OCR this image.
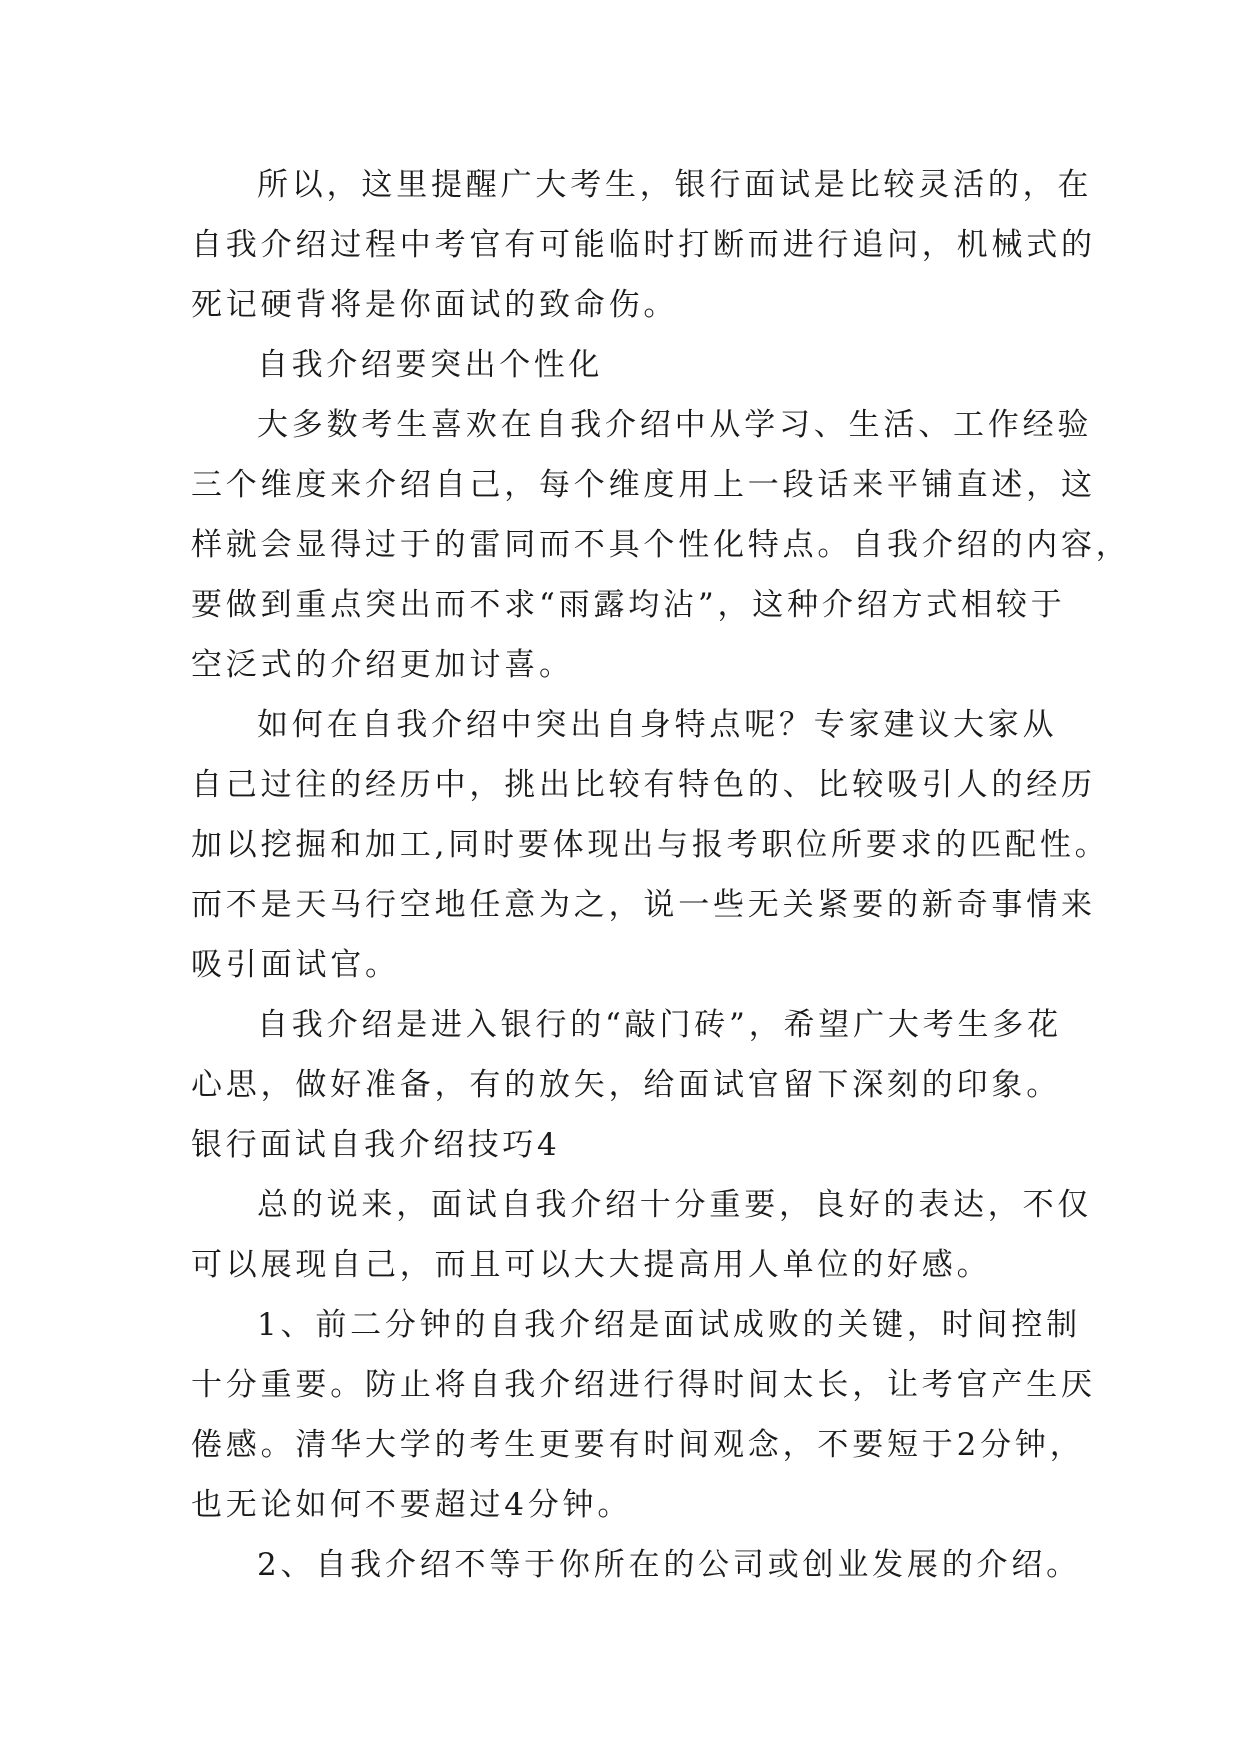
所以，这里提醒广大考生，银行面试是比较灵活的，在
自我介绍过程中考官有可能临时打断而进行追问，机械式的
死记硬背将是你面试的致命伤。
自我介绍要突出个性化
大多数考生喜欢在自我介绍中从学习、生活、工作经验
三个维度来介绍自己，每个维度用上一段话来平铺直述，这
样就会显得过于的雷同而不具个性化特点。自我介绍的内容，
要做到重点突出而不求“雨露均沾”，这种介绍方式相较于
空泛式的介绍更加讨喜。
如何在自我介绍中突出自身特点呢？专家建议大家从
自己过往的经历中，挑出比较有特色的、比较吸引人的经历
加以挖掘和加工,同时要体现出与报考职位所要求的匹配性。
而不是天马行空地任意为之，说一些无关紧要的新奇事情来
吸引面试官。
自我介绍是进入银行的“敲门砖”，希望广大考生多花
心思，做好准备，有的放矢，给面试官留下深刻的印象。
银行面试自我介绍技巧4
总的说来，面试自我介绍十分重要，良好的表达，不仅
可以展现自己，而且可以大大提高用人单位的好感。
1、前二分钟的自我介绍是面试成败的关键，时间控制
十分重要。防止将自我介绍进行得时间太长，让考官产生厌
倦感。清华大学的考生更要有时间观念，不要短于2分钟，
也无论如何不要超过4分钟。
2、自我介绍不等于你所在的公司或创业发展的介绍。
